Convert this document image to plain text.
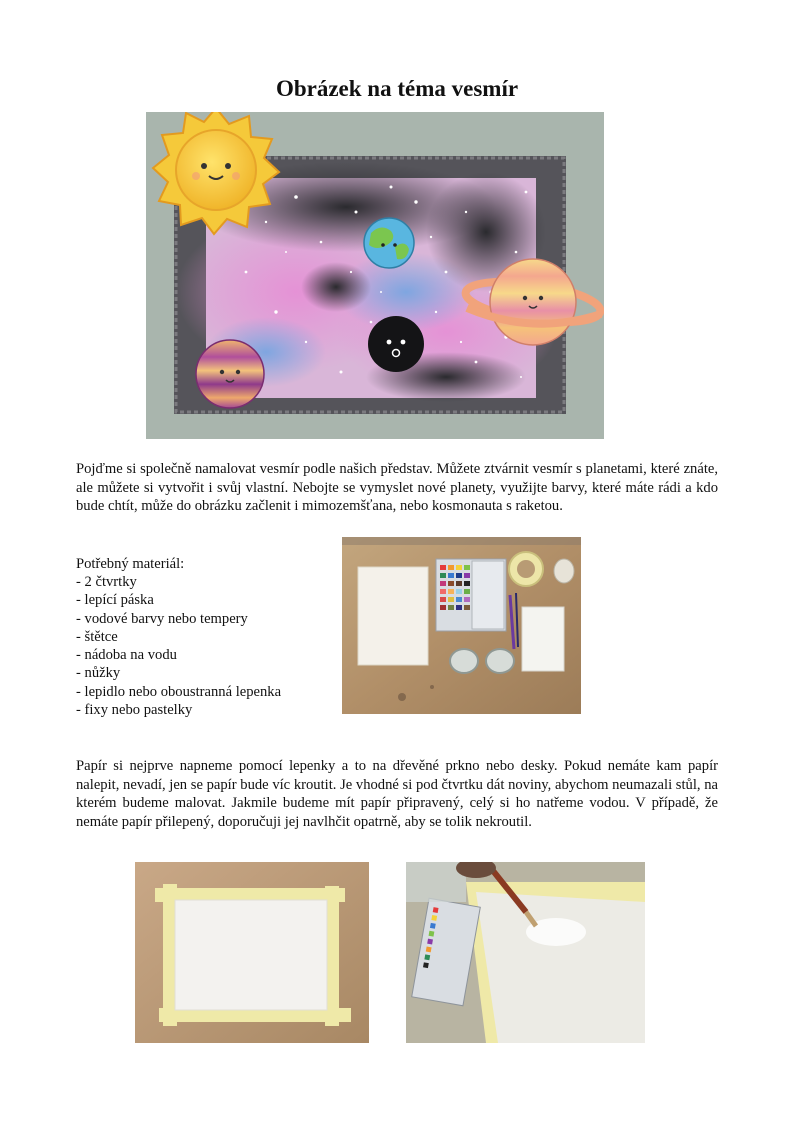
Obrázek na téma vesmír

Pojďme si společně namalovat vesmír podle našich představ. Můžete ztvárnit vesmír s planetami, které znáte, ale můžete si vytvořit i svůj vlastní. Nebojte se vymyslet nové planety, využijte barvy, které máte rádi a kdo bude chtít, může do obrázku začlenit i mimozemšťana, nebo kosmonauta s raketou.

Potřebný materiál:
- 2 čtvrtky
- lepící páska
- vodové barvy nebo tempery
- štětce
- nádoba na vodu
- nůžky
- lepidlo nebo oboustranná lepenka
- fixy nebo pastelky

Papír si nejprve napneme pomocí lepenky a to na dřevěné prkno nebo desky. Pokud nemáte kam papír nalepit, nevadí, jen se papír bude víc kroutit. Je vhodné si pod čtvrtku dát noviny, abychom neumazali stůl, na kterém budeme malovat. Jakmile budeme mít papír připravený, celý si ho natřeme vodou. V případě, že nemáte papír přilepený, doporučuji jej navlhčit opatrně, aby se tolik nekroutil.
